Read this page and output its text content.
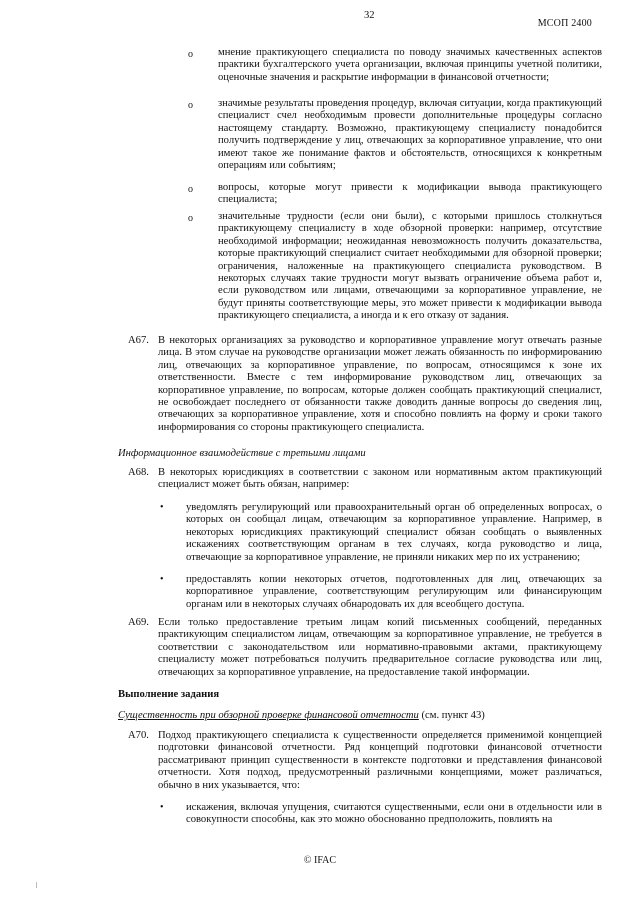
32
МСОП 2400
o мнение практикующего специалиста по поводу значимых качественных аспектов практики бухгалтерского учета организации, включая принципы учетной политики, оценочные значения и раскрытие информации в финансовой отчетности;
o значимые результаты проведения процедур, включая ситуации, когда практикующий специалист счел необходимым провести дополнительные процедуры согласно настоящему стандарту. Возможно, практикующему специалисту понадобится получить подтверждение у лиц, отвечающих за корпоративное управление, что они имеют такое же понимание фактов и обстоятельств, относящихся к конкретным операциям или событиям;
o вопросы, которые могут привести к модификации вывода практикующего специалиста;
o значительные трудности (если они были), с которыми пришлось столкнуться практикующему специалисту в ходе обзорной проверки: например, отсутствие необходимой информации; неожиданная невозможность получить доказательства, которые практикующий специалист считает необходимыми для обзорной проверки; ограничения, наложенные на практикующего специалиста руководством. В некоторых случаях такие трудности могут вызвать ограничение объема работ и, если руководством или лицами, отвечающими за корпоративное управление, не будут приняты соответствующие меры, это может привести к модификации вывода практикующего специалиста, а иногда и к его отказу от задания.
A67. В некоторых организациях за руководство и корпоративное управление могут отвечать разные лица. В этом случае на руководстве организации может лежать обязанность по информированию лиц, отвечающих за корпоративное управление, по вопросам, относящимся к зоне их ответственности. Вместе с тем информирование руководством лиц, отвечающих за корпоративное управление, по вопросам, которые должен сообщать практикующий специалист, не освобождает последнего от обязанности также доводить данные вопросы до сведения лиц, отвечающих за корпоративное управление, хотя и способно повлиять на форму и сроки такого информирования со стороны практикующего специалиста.
Информационное взаимодействие с третьими лицами
A68. В некоторых юрисдикциях в соответствии с законом или нормативным актом практикующий специалист может быть обязан, например:
• уведомлять регулирующий или правоохранительный орган об определенных вопросах, о которых он сообщал лицам, отвечающим за корпоративное управление. Например, в некоторых юрисдикциях практикующий специалист обязан сообщать о выявленных искажениях соответствующим органам в тех случаях, когда руководство и лица, отвечающие за корпоративное управление, не приняли никаких мер по их устранению;
• предоставлять копии некоторых отчетов, подготовленных для лиц, отвечающих за корпоративное управление, соответствующим регулирующим или финансирующим органам или в некоторых случаях обнародовать их для всеобщего доступа.
A69. Если только предоставление третьим лицам копий письменных сообщений, переданных практикующим специалистом лицам, отвечающим за корпоративное управление, не требуется в соответствии с законодательством или нормативно-правовыми актами, практикующему специалисту может потребоваться получить предварительное согласие руководства или лиц, отвечающих за корпоративное управление, на предоставление такой информации.
Выполнение задания
Существенность при обзорной проверке финансовой отчетности (см. пункт 43)
A70. Подход практикующего специалиста к существенности определяется применимой концепцией подготовки финансовой отчетности. Ряд концепций подготовки финансовой отчетности рассматривают принцип существенности в контексте подготовки и представления финансовой отчетности. Хотя подход, предусмотренный различными концепциями, может различаться, обычно в них указывается, что:
• искажения, включая упущения, считаются существенными, если они в отдельности или в совокупности способны, как это можно обоснованно предположить, повлиять на
© IFAC
